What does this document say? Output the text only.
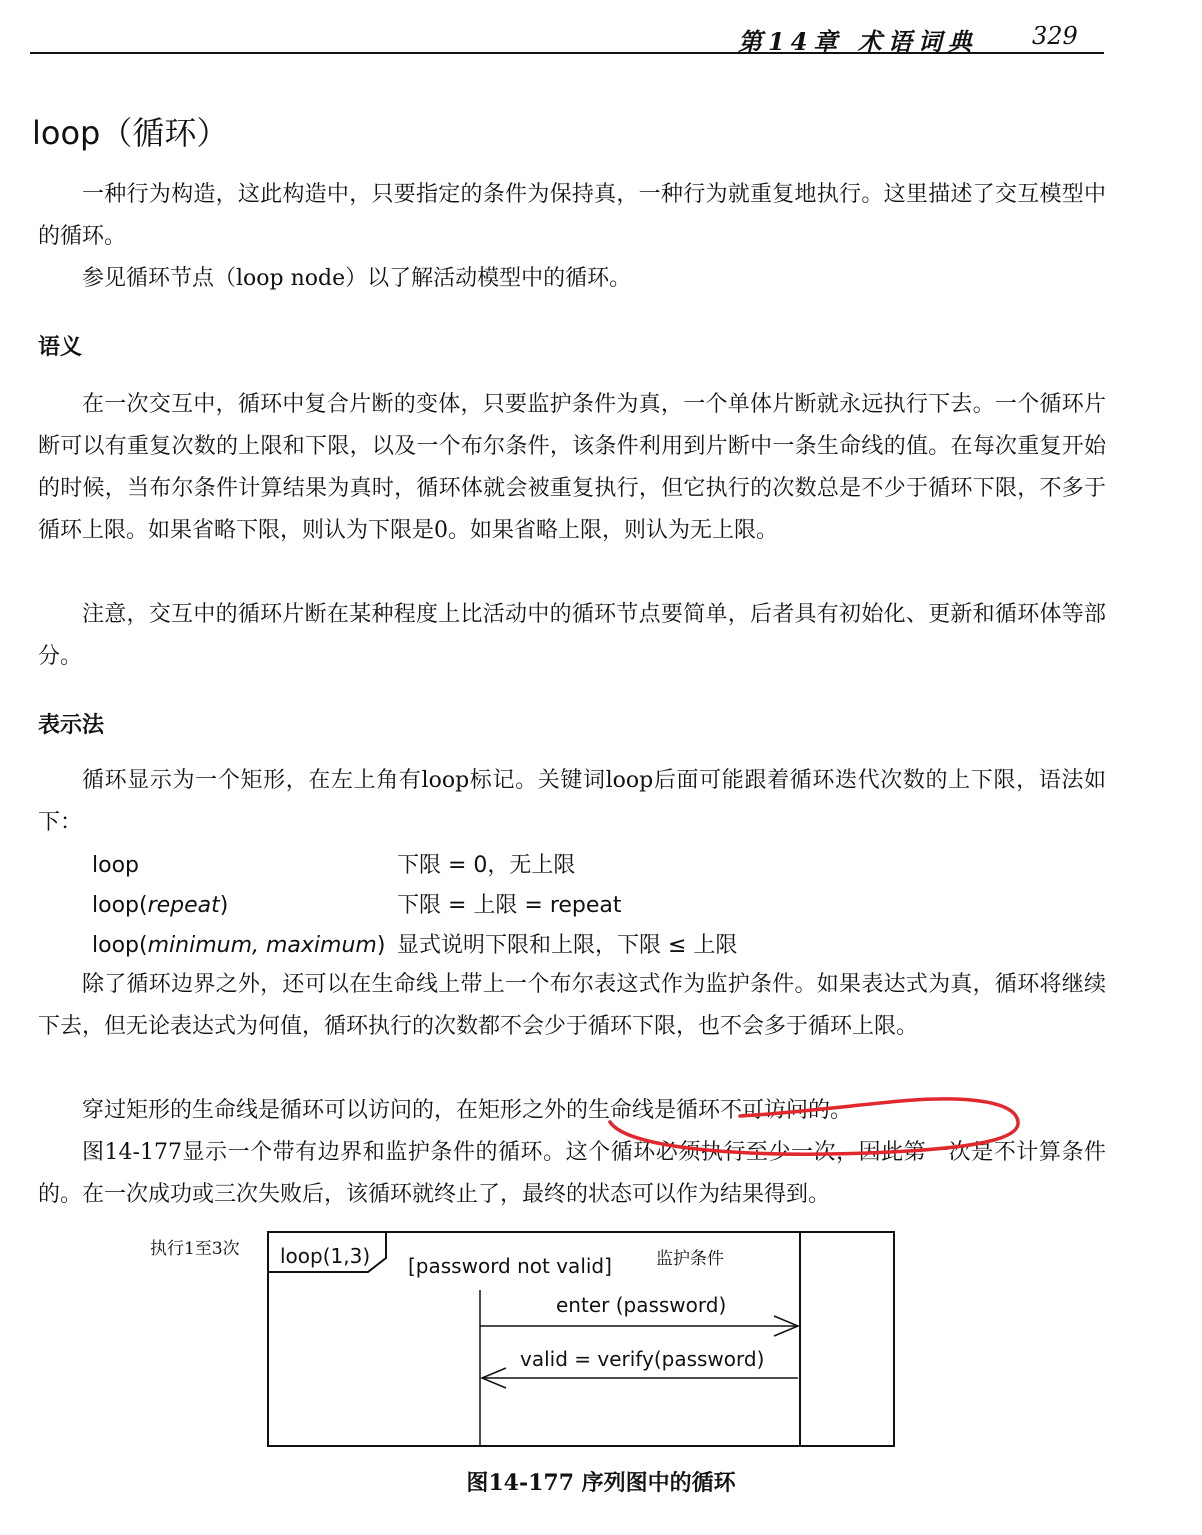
第14章 术语词典 329
loop（循环）
一种行为构造，这此构造中，只要指定的条件为保持真，一种行为就重复地执行。这里描述了交互模型中的循环。
参见循环节点（loop node）以了解活动模型中的循环。
语义
在一次交互中，循环中复合片断的变体，只要监护条件为真，一个单体片断就永远执行下去。一个循环片断可以有重复次数的上限和下限，以及一个布尔条件，该条件利用到片断中一条生命线的值。在每次重复开始的时候，当布尔条件计算结果为真时，循环体就会被重复执行，但它执行的次数总是不少于循环下限，不多于循环上限。如果省略下限，则认为下限是0。如果省略上限，则认为无上限。
注意，交互中的循环片断在某种程度上比活动中的循环节点要简单，后者具有初始化、更新和循环体等部分。
表示法
循环显示为一个矩形，在左上角有loop标记。关键词loop后面可能跟着循环迭代次数的上下限，语法如下：
loop	下限 = 0，无上限
loop(repeat)	下限 = 上限 = repeat
loop(minimum, maximum) 显式说明下限和上限，下限 ≤ 上限
除了循环边界之外，还可以在生命线上带上一个布尔表这式作为监护条件。如果表达式为真，循环将继续下去，但无论表达式为何值，循环执行的次数都不会少于循环下限，也不会多于循环上限。
穿过矩形的生命线是循环可以访问的，在矩形之外的生命线是循环不可访问的。
图14-177显示一个带有边界和监护条件的循环。这个循环必须执行至少一次，因此第一次是不计算条件的。在一次成功或三次失败后，该循环就终止了，最终的状态可以作为结果得到。
执行1至3次 loop(1,3) [password not valid]	监护条件
enter (password)
valid = verify(password)
图14-177 序列图中的循环
